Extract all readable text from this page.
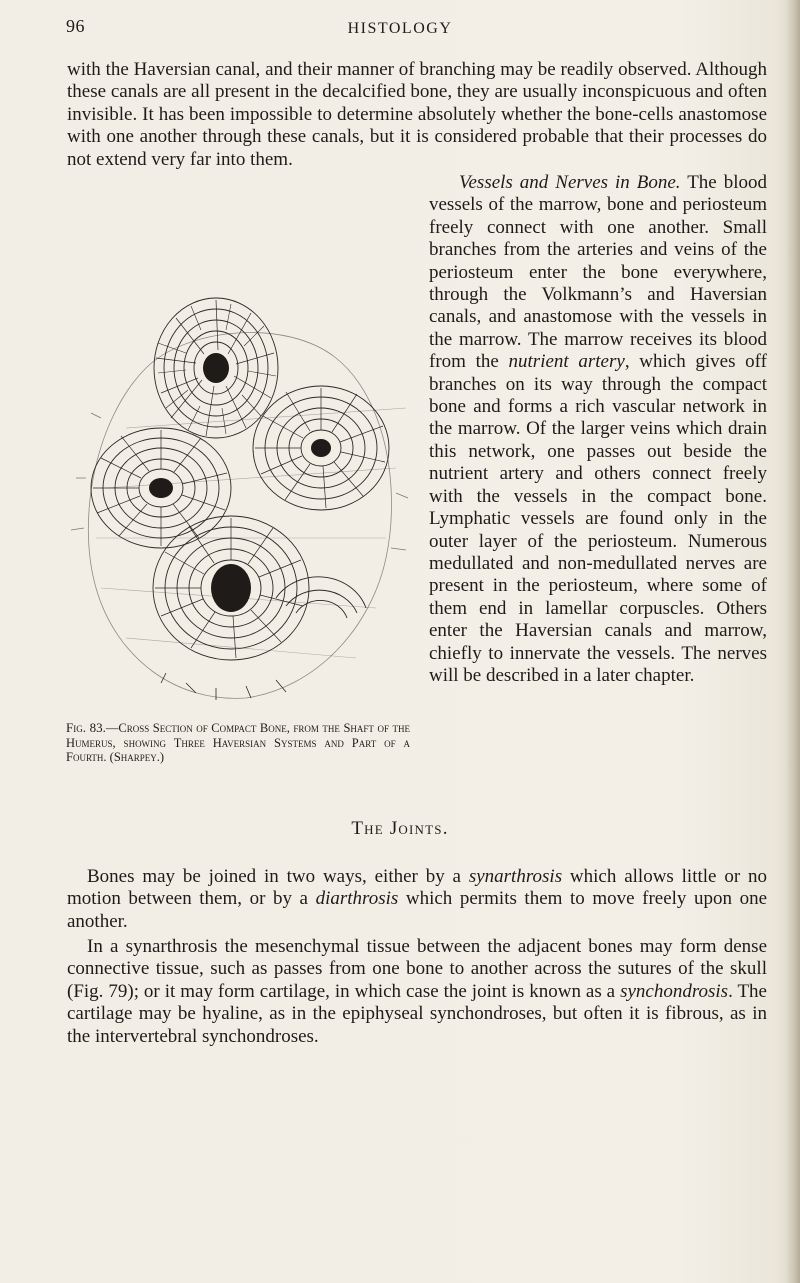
96	HISTOLOGY
with the Haversian canal, and their manner of branching may be readily observed. Although these canals are all present in the decalcified bone, they are usually inconspicuous and often invisible. It has been impossible to determine absolutely whether the bone-cells anastomose with one another through these canals, but it is considered probable that their processes do not extend very far into them.
Vessels and Nerves in Bone. The blood vessels of the marrow, bone and periosteum freely connect with one another. Small branches from the arteries and veins of the periosteum enter the bone everywhere, through the Volkmann’s and Haversian canals, and anastomose with the vessels in the marrow. The marrow receives its blood from the nutrient artery, which gives off branches on its way through the compact bone and forms a rich vascular network in the marrow. Of the larger veins which drain this network, one passes out beside the nutrient artery and others connect freely with the vessels in the compact bone. Lymphatic vessels are found only in the outer layer of the periosteum. Numerous medullated and non-medullated nerves are present in the periosteum, where some of them end in lamellar corpuscles. Others enter the Haversian canals and marrow, chiefly to innervate the vessels. The nerves will be described in a later chapter.
Fig. 83.—Cross Section of Compact Bone, from the Shaft of the Humerus, showing Three Haversian Systems and Part of a Fourth. (Sharpey.)
The Joints.
Bones may be joined in two ways, either by a synarthrosis which allows little or no motion between them, or by a diarthrosis which permits them to move freely upon one another.
In a synarthrosis the mesenchymal tissue between the adjacent bones may form dense connective tissue, such as passes from one bone to another across the sutures of the skull (Fig. 79); or it may form cartilage, in which case the joint is known as a synchondrosis. The cartilage may be hyaline, as in the epiphyseal synchondroses, but often it is fibrous, as in the intervertebral synchondroses.
